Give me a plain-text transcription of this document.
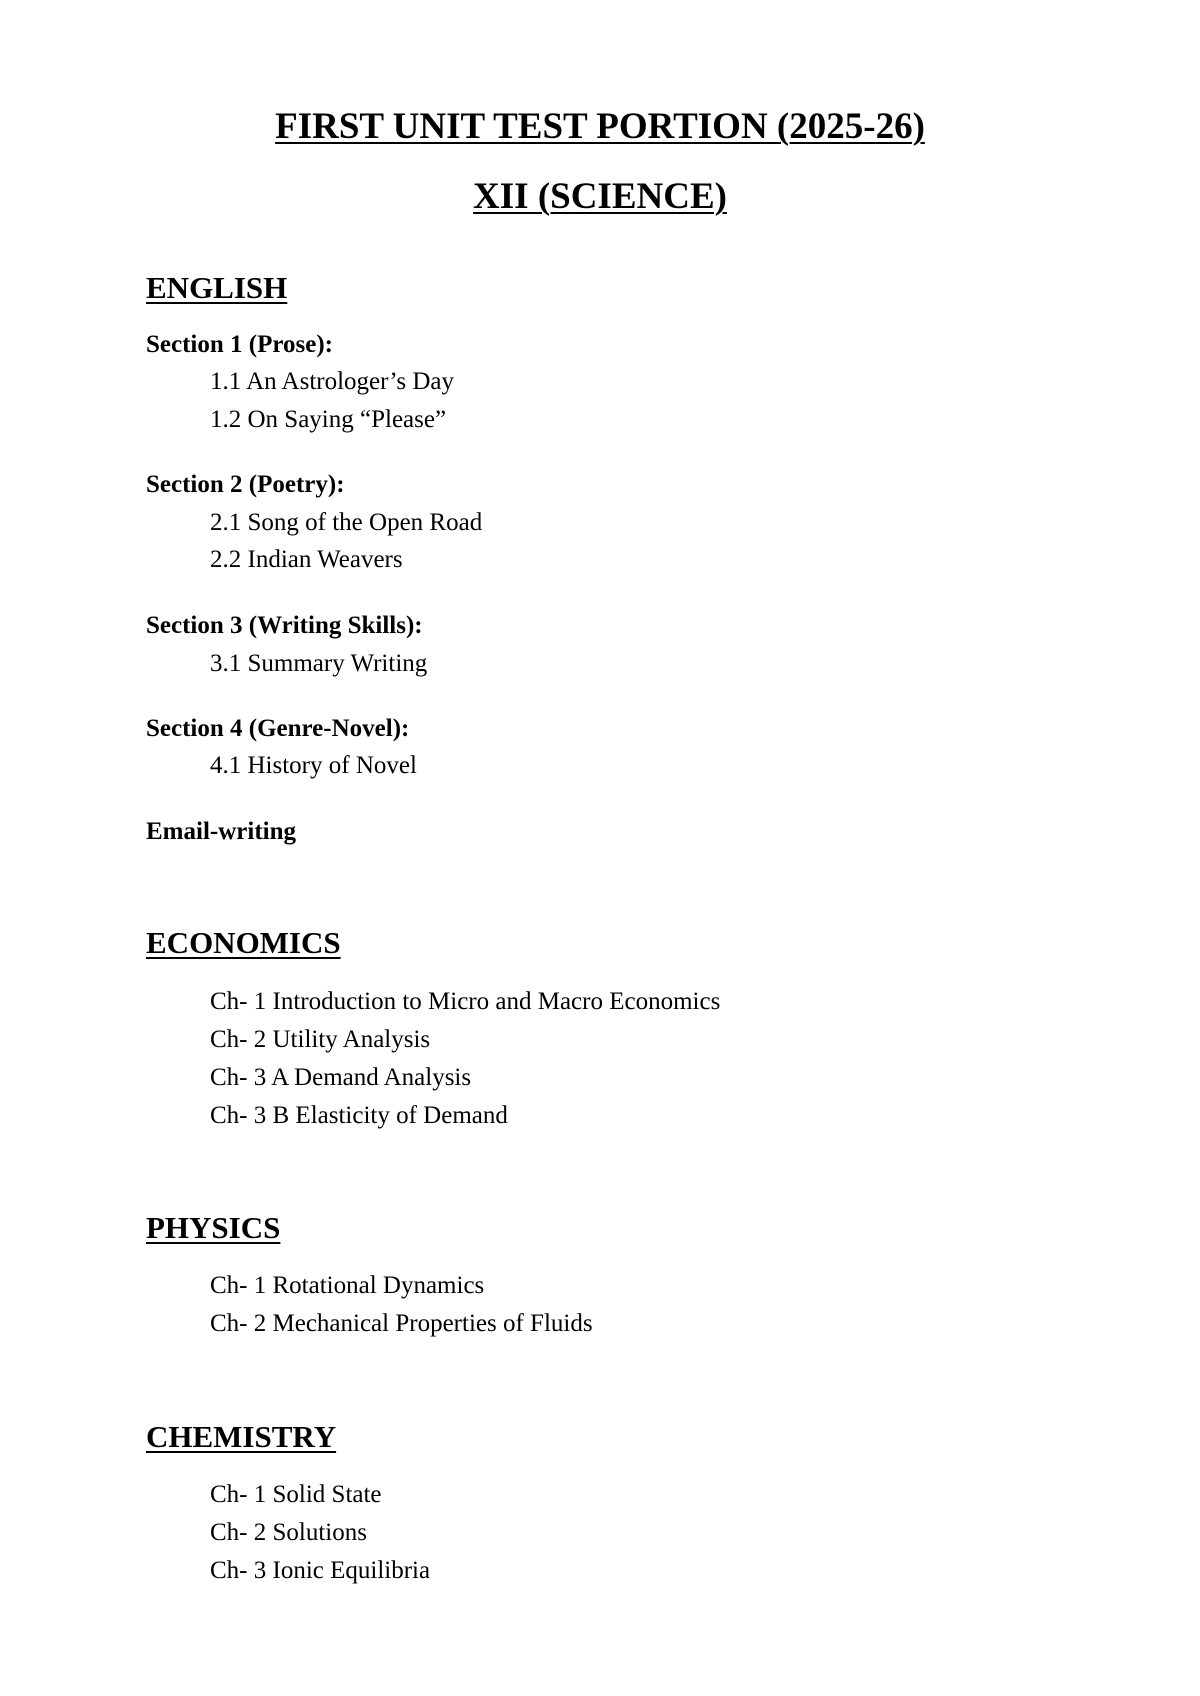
FIRST UNIT TEST PORTION (2025-26)
XII (SCIENCE)
ENGLISH

Section 1 (Prose):

1.1 An Astrologer’s Day

1.2 On Saying “Please”

Section 2 (Poetry):

2.1 Song of the Open Road

2.2 Indian Weavers

Section 3 (Writing Skills):

3.1 Summary Writing

Section 4 (Genre-Novel):

4.1 History of Novel

Email-writing

ECONOMICS

Ch- 1 Introduction to Micro and Macro Economics

Ch- 2 Utility Analysis

Ch- 3 A Demand Analysis

Ch- 3 B Elasticity of Demand

PHYSICS

Ch- 1 Rotational Dynamics

Ch- 2 Mechanical Properties of Fluids

CHEMISTRY

Ch- 1 Solid State

Ch- 2 Solutions

Ch- 3 Ionic Equilibria
